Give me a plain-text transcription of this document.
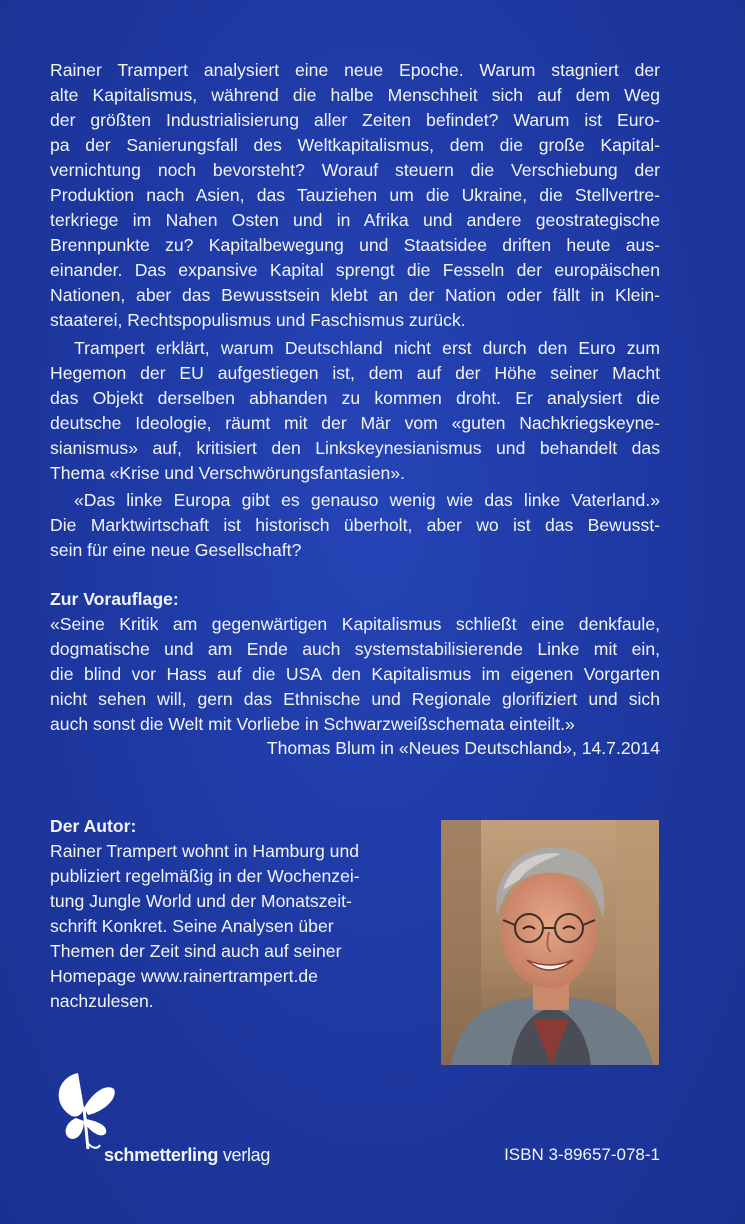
Rainer Trampert analysiert eine neue Epoche. Warum stagniert der
alte Kapitalismus, während die halbe Menschheit sich auf dem Weg
der größten Industrialisierung aller Zeiten befindet? Warum ist Euro-
pa der Sanierungsfall des Weltkapitalismus, dem die große Kapital-
vernichtung noch bevorsteht? Worauf steuern die Verschiebung der
Produktion nach Asien, das Tauziehen um die Ukraine, die Stellvertre-
terkriege im Nahen Osten und in Afrika und andere geostrategische
Brennpunkte zu? Kapitalbewegung und Staatsidee driften heute aus-
einander. Das expansive Kapital sprengt die Fesseln der europäischen
Nationen, aber das Bewusstsein klebt an der Nation oder fällt in Klein-
staaterei, Rechtspopulismus und Faschismus zurück.
Trampert erklärt, warum Deutschland nicht erst durch den Euro zum
Hegemon der EU aufgestiegen ist, dem auf der Höhe seiner Macht
das Objekt derselben abhanden zu kommen droht. Er analysiert die
deutsche Ideologie, räumt mit der Mär vom «guten Nachkriegskeyne-
sianismus» auf, kritisiert den Linkskeynesianismus und behandelt das
Thema «Krise und Verschwörungsfantasien».
«Das linke Europa gibt es genauso wenig wie das linke Vaterland.»
Die Marktwirtschaft ist historisch überholt, aber wo ist das Bewusst-
sein für eine neue Gesellschaft?
Zur Vorauflage:
«Seine Kritik am gegenwärtigen Kapitalismus schließt eine denkfaule,
dogmatische und am Ende auch systemstabilisierende Linke mit ein,
die blind vor Hass auf die USA den Kapitalismus im eigenen Vorgarten
nicht sehen will, gern das Ethnische und Regionale glorifiziert und sich
auch sonst die Welt mit Vorliebe in Schwarzweißschemata einteilt.»
Thomas Blum in «Neues Deutschland», 14.7.2014
Der Autor:
Rainer Trampert wohnt in Hamburg und
publiziert regelmäßig in der Wochenzei-
tung Jungle World und der Monatszeit-
schrift Konkret. Seine Analysen über
Themen der Zeit sind auch auf seiner
Homepage www.rainertrampert.de
nachzulesen.
schmetterling verlag	ISBN 3-89657-078-1
